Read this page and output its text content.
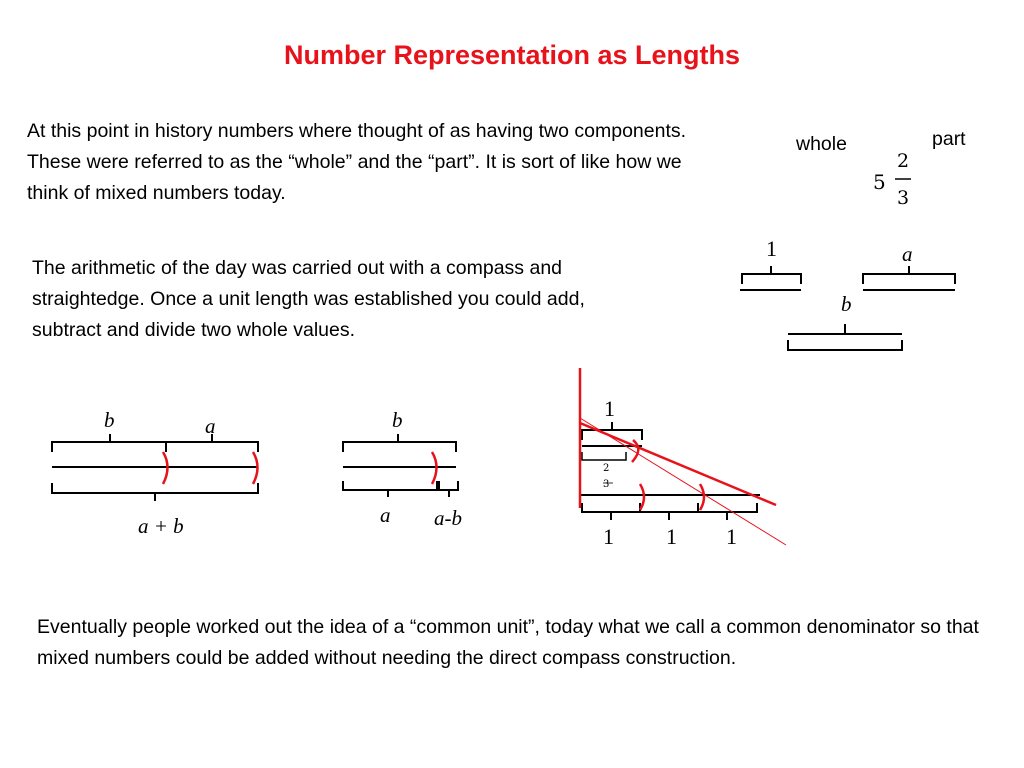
Number Representation as Lengths

At this point in history numbers where thought of as having two components. These were referred to as the “whole” and the “part”. It is sort of like how we think of mixed numbers today.

The arithmetic of the day was carried out with a compass and straightedge. Once a unit length was established you could add, subtract and divide two whole values.

Eventually people worked out the idea of a “common unit”, today what we call a common denominator so that mixed numbers could be added without needing the direct compass construction.

whole	part
5
2
3
1	a
b
b	a
a + b
b
a a-b
1
2
3
1 1 1
